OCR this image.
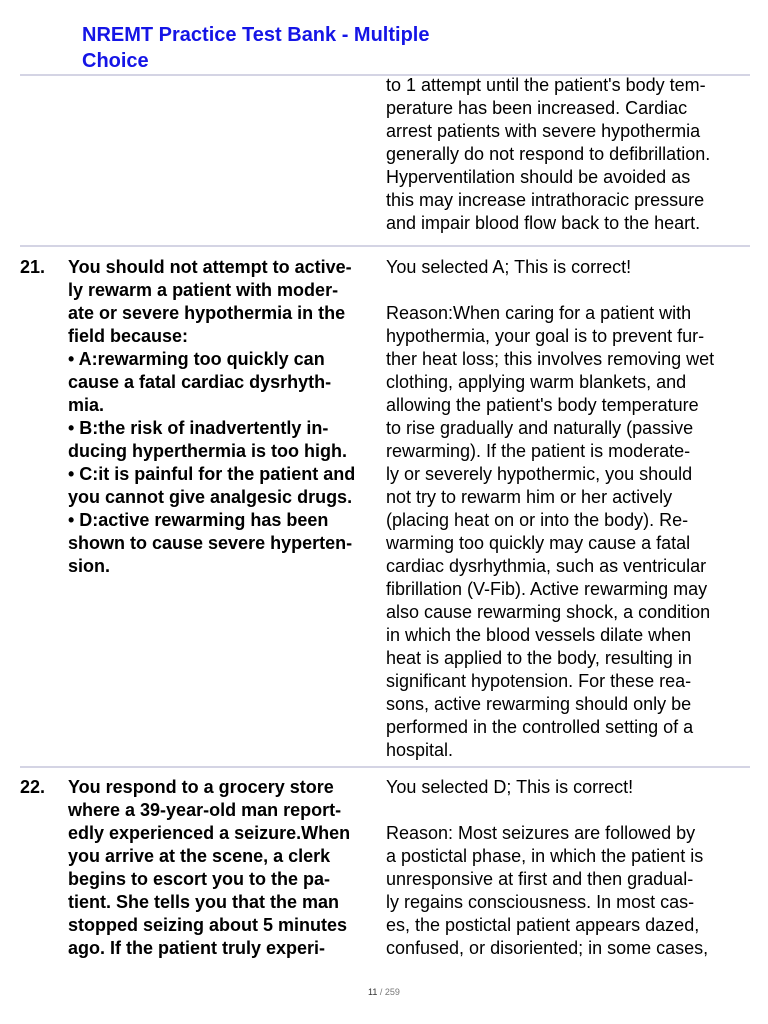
NREMT Practice Test Bank - Multiple
Choice

to 1 attempt until the patient's body tem-
perature has been increased. Cardiac
arrest patients with severe hypothermia
generally do not respond to defibrillation.
Hyperventilation should be avoided as
this may increase intrathoracic pressure
and impair blood flow back to the heart.

21.	You should not attempt to active-
ly rewarm a patient with moder-
ate or severe hypothermia in the
field because:
• A:rewarming too quickly can
cause a fatal cardiac dysrhyth-
mia.
• B:the risk of inadvertently in-
ducing hyperthermia is too high.
• C:it is painful for the patient and
you cannot give analgesic drugs.
• D:active rewarming has been
shown to cause severe hyperten-
sion.

You selected A; This is correct!

Reason:When caring for a patient with
hypothermia, your goal is to prevent fur-
ther heat loss; this involves removing wet
clothing, applying warm blankets, and
allowing the patient's body temperature
to rise gradually and naturally (passive
rewarming). If the patient is moderate-
ly or severely hypothermic, you should
not try to rewarm him or her actively
(placing heat on or into the body). Re-
warming too quickly may cause a fatal
cardiac dysrhythmia, such as ventricular
fibrillation (V-Fib). Active rewarming may
also cause rewarming shock, a condition
in which the blood vessels dilate when
heat is applied to the body, resulting in
significant hypotension. For these rea-
sons, active rewarming should only be
performed in the controlled setting of a
hospital.

22.	You respond to a grocery store
where a 39-year-old man report-
edly experienced a seizure.When
you arrive at the scene, a clerk
begins to escort you to the pa-
tient. She tells you that the man
stopped seizing about 5 minutes
ago. If the patient truly experi-

You selected D; This is correct!

Reason: Most seizures are followed by
a postictal phase, in which the patient is
unresponsive at first and then gradual-
ly regains consciousness. In most cas-
es, the postictal patient appears dazed,
confused, or disoriented; in some cases,

11 / 259
